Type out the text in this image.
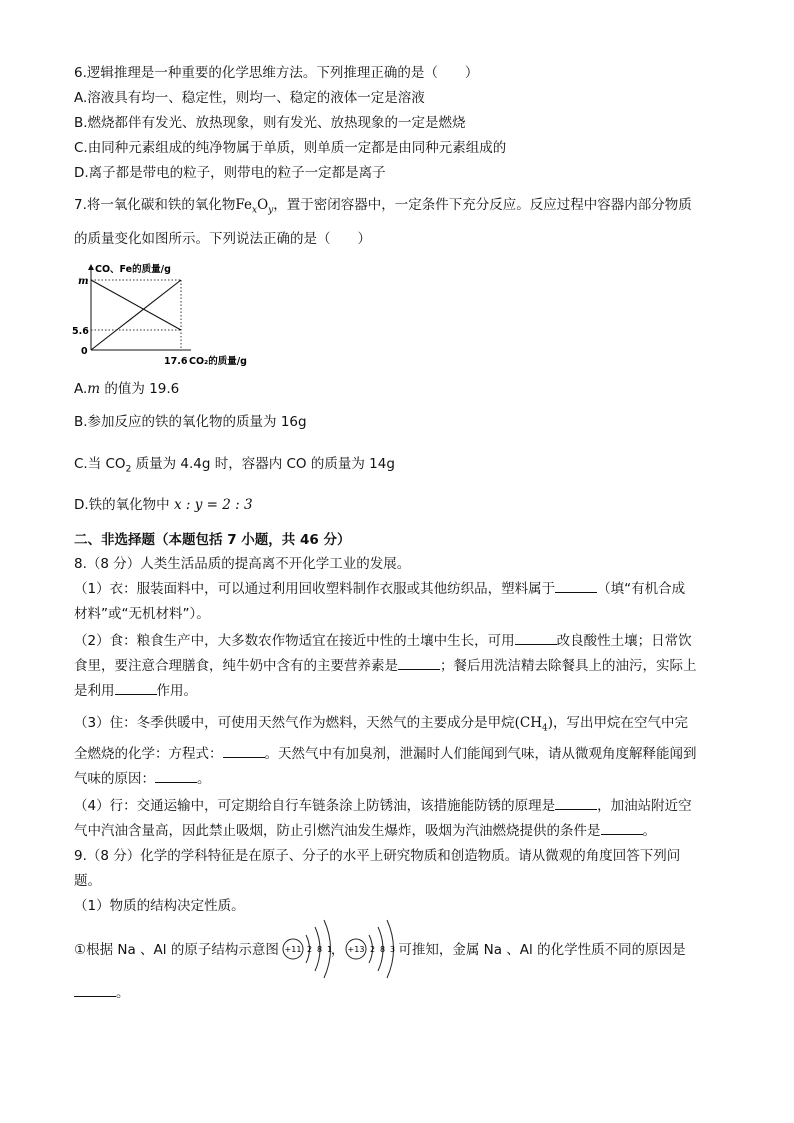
6.逻辑推理是一种重要的化学思维方法。下列推理正确的是（　　）
A.溶液具有均一、稳定性，则均一、稳定的液体一定是溶液
B.燃烧都伴有发光、放热现象，则有发光、放热现象的一定是燃烧
C.由同种元素组成的纯净物属于单质，则单质一定都是由同种元素组成的
D.离子都是带电的粒子，则带电的粒子一定都是离子
7.将一氧化碳和铁的氧化物$Fe_xO_y$，置于密闭容器中，一定条件下充分反应。反应过程中容器内部分物质
的质量变化如图所示。下列说法正确的是（　　）
m
5.6
0
17.6
CO、Fe的质量/g
CO₂的质量/g
A.m 的值为 19.6
B.参加反应的铁的氧化物的质量为 16g
C.当 $CO_2$ 质量为 4.4g 时，容器内 CO 的质量为 14g
D.铁的氧化物中 x : y = 2 : 3
二、非选择题（本题包括 7 小题，共 46 分）
8.（8 分）人类生活品质的提高离不开化学工业的发展。
（1）衣：服装面料中，可以通过利用回收塑料制作衣服或其他纺织品，塑料属于	（填“有机合成
材料”或“无机材料”）。
（2）食：粮食生产中，大多数农作物适宜在接近中性的土壤中生长，可用	改良酸性土壤；日常饮
食里，要注意合理膳食，纯牛奶中含有的主要营养素是	；餐后用洗洁精去除餐具上的油污，实际上
是利用	作用。
（3）住：冬季供暖中，可使用天然气作为燃料，天然气的主要成分是甲烷$(CH_4)$，写出甲烷在空气中完
全燃烧的化学：方程式：	。天然气中有加臭剂，泄漏时人们能闻到气味，请从微观角度解释能闻到
气味的原因：	。
（4）行：交通运输中，可定期给自行车链条涂上防锈油，该措施能防锈的原理是	，加油站附近空
气中汽油含量高，因此禁止吸烟，防止引燃汽油发生爆炸，吸烟为汽油燃烧提供的条件是	。
9.（8 分）化学的学科特征是在原子、分子的水平上研究物质和创造物质。请从微观的角度回答下列问
题。
（1）物质的结构决定性质。
①根据 Na 、Al 的原子结构示意图	，	可推知，金属 Na 、Al 的化学性质不同的原因是
+11 2 8 1 +13 2 8 3
。
